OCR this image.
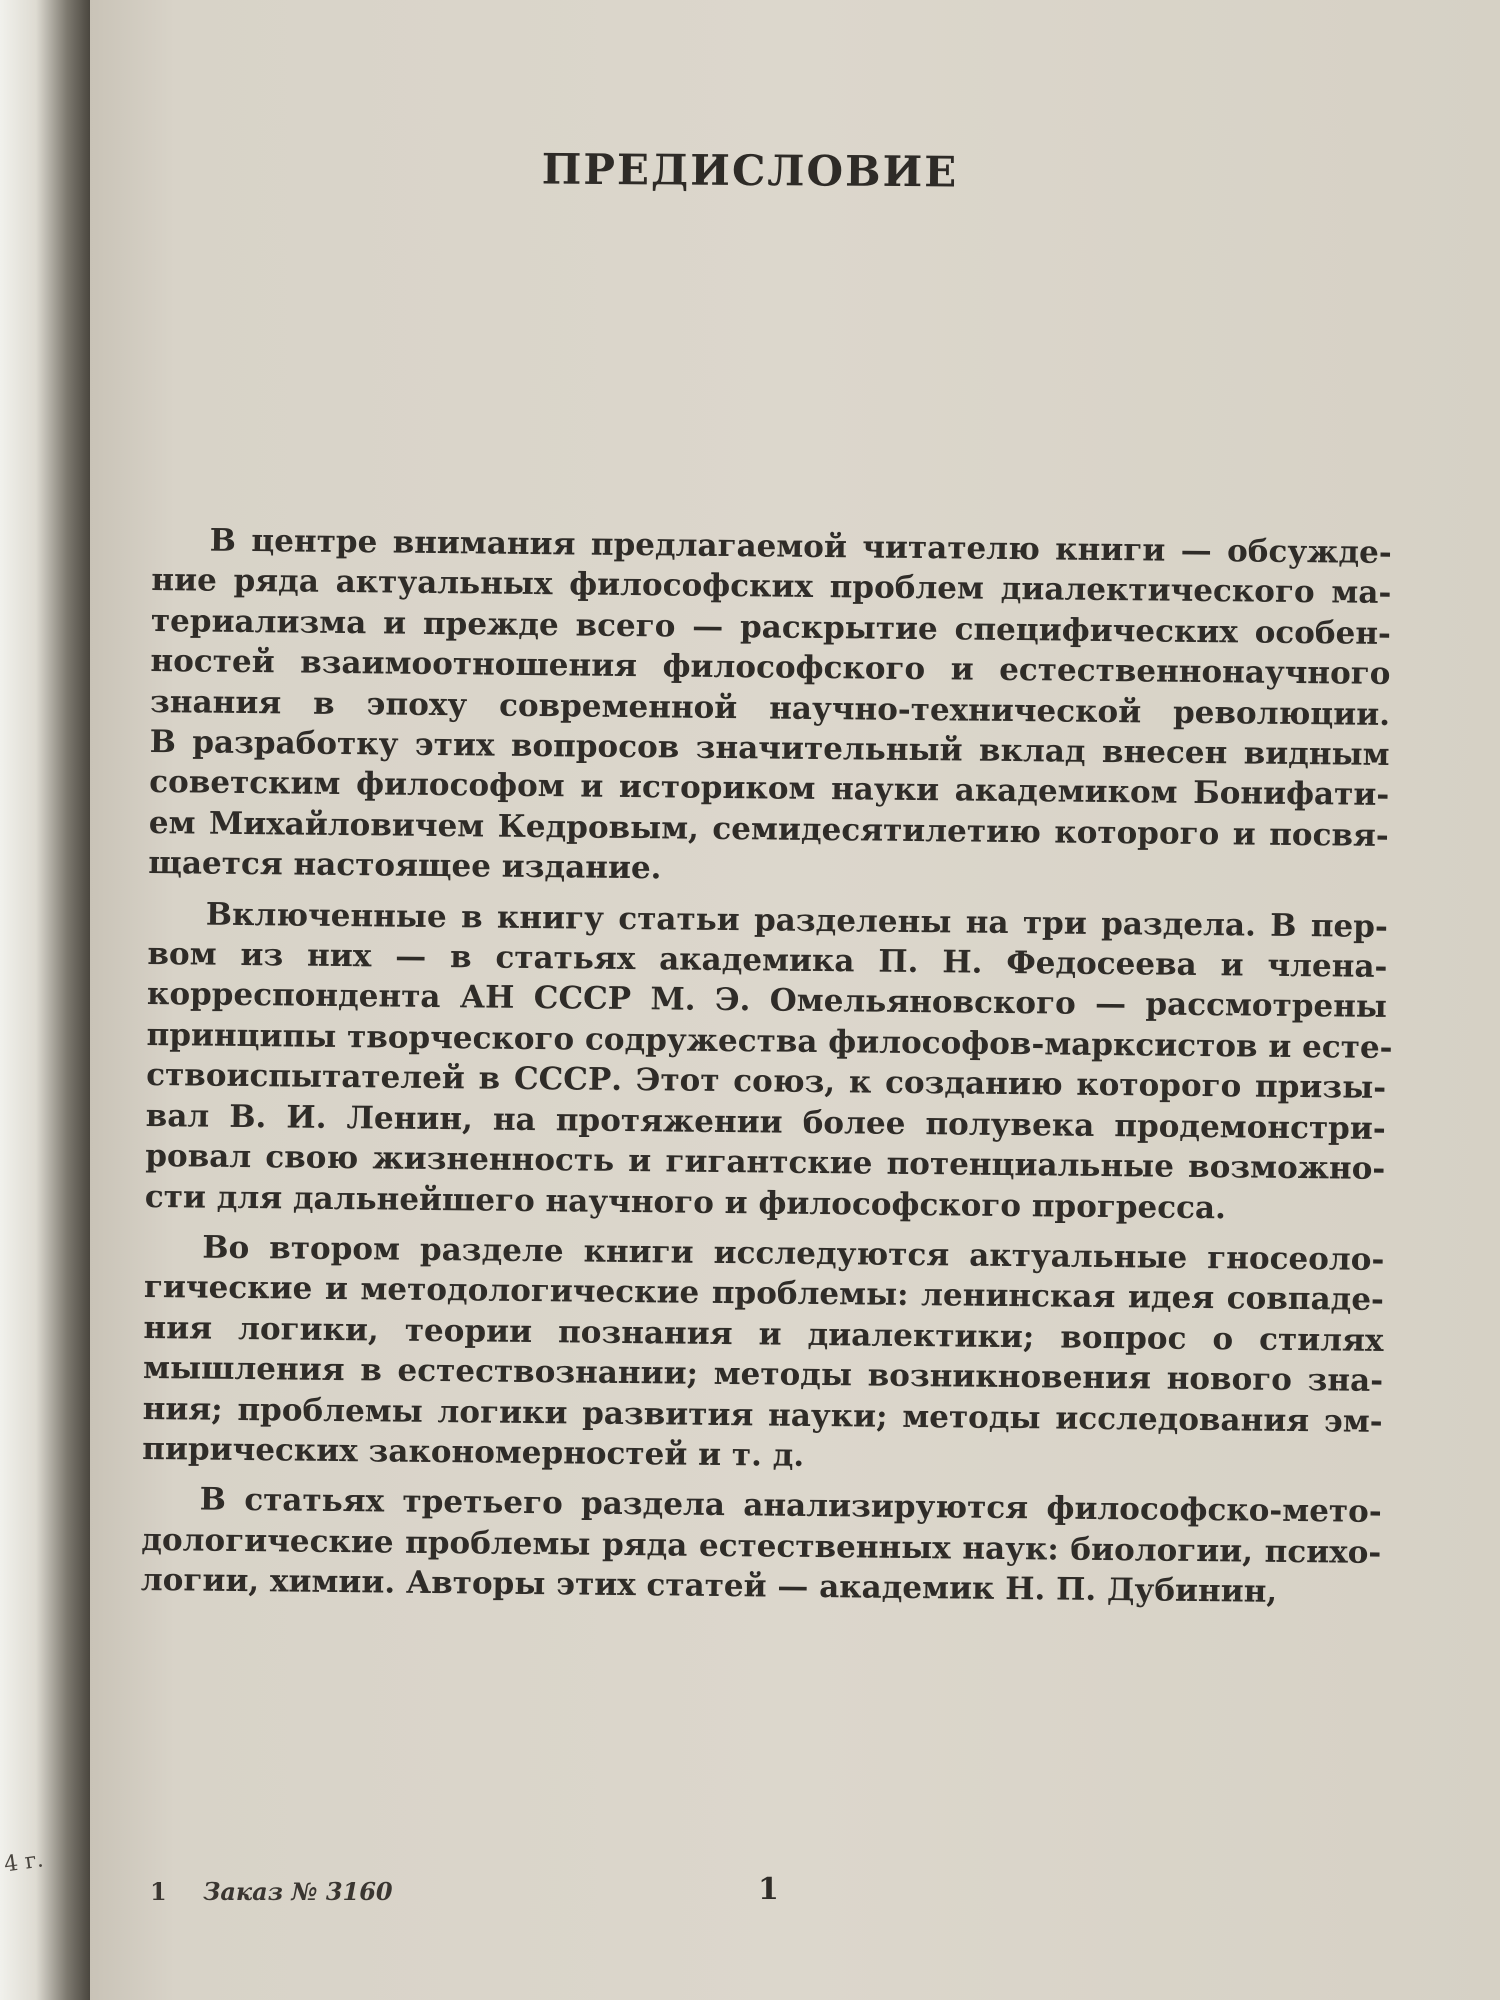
4 г.
ПРЕДИСЛОВИЕ

В центре внимания предлагаемой читателю книги — обсужде-
ние ряда актуальных философских проблем диалектического ма-
териализма и прежде всего — раскрытие специфических особен-
ностей взаимоотношения философского и естественнонаучного
знания в эпоху современной научно-технической революции.
В разработку этих вопросов значительный вклад внесен видным
советским философом и историком науки академиком Бонифати-
ем Михайловичем Кедровым, семидесятилетию которого и посвя-
щается настоящее издание.

Включенные в книгу статьи разделены на три раздела. В пер-
вом из них — в статьях академика П. Н. Федосеева и члена-
корреспондента АН СССР М. Э. Омельяновского — рассмотрены
принципы творческого содружества философов-марксистов и есте-
ствоиспытателей в СССР. Этот союз, к созданию которого призы-
вал В. И. Ленин, на протяжении более полувека продемонстри-
ровал свою жизненность и гигантские потенциальные возможно-
сти для дальнейшего научного и философского прогресса.

Во втором разделе книги исследуются актуальные гносеоло-
гические и методологические проблемы: ленинская идея совпаде-
ния логики, теории познания и диалектики; вопрос о стилях
мышления в естествознании; методы возникновения нового зна-
ния; проблемы логики развития науки; методы исследования эм-
пирических закономерностей и т. д.

В статьях третьего раздела анализируются философско-мето-
дологические проблемы ряда естественных наук: биологии, психо-
логии, химии. Авторы этих статей — академик Н. П. Дубинин,

1 Заказ № 3160	1
